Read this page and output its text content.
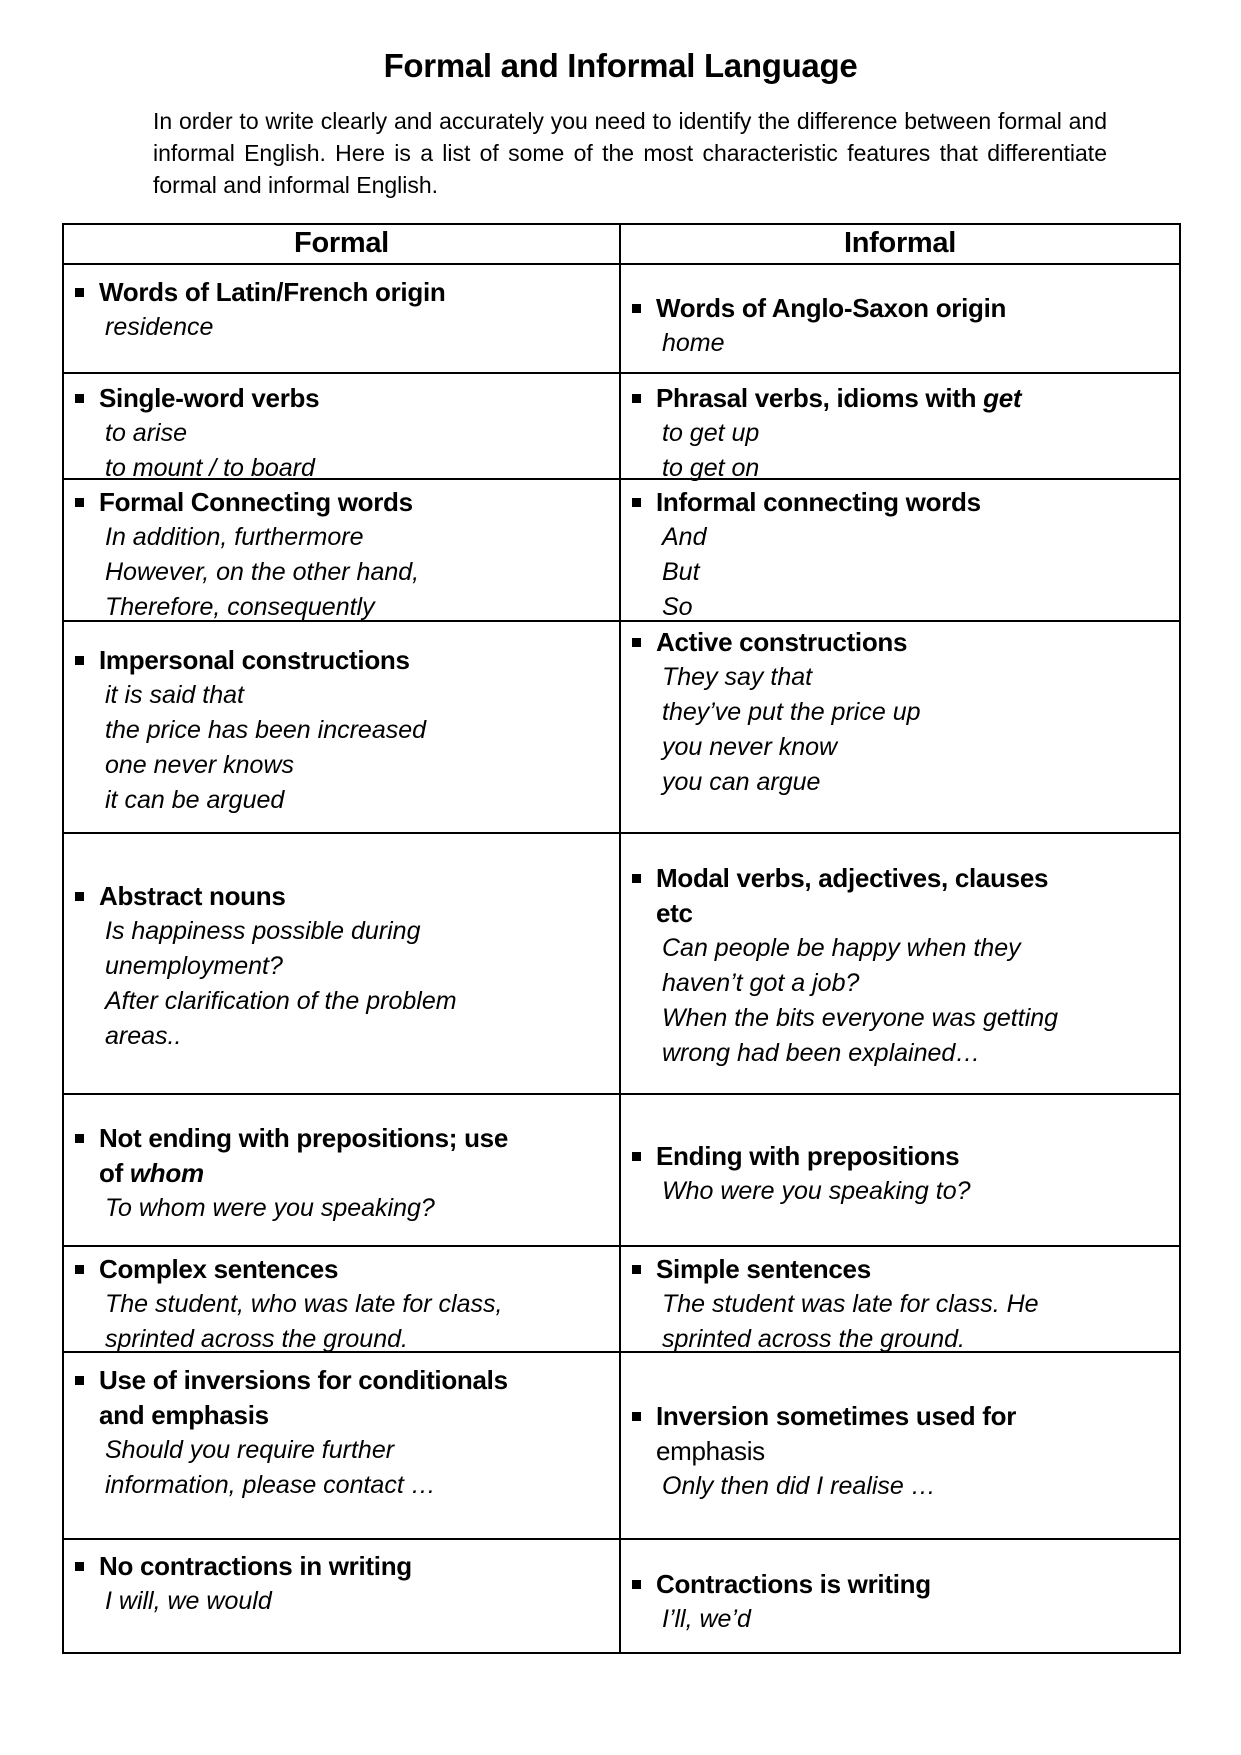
Formal and Informal Language

In order to write clearly and accurately you need to identify the difference between formal and informal English. Here is a list of some of the most characteristic features that differentiate formal and informal English.

Formal	Informal
Words of Latin/French origin
residence
Words of Anglo-Saxon origin
home
Single-word verbs
to arise
to mount / to board
Phrasal verbs, idioms with get
to get up
to get on
Formal Connecting words
In addition, furthermore
However, on the other hand,
Therefore, consequently
Informal connecting words
And
But
So
Impersonal constructions
it is said that
the price has been increased
one never knows
it can be argued
Active constructions
They say that
they’ve put the price up
you never know
you can argue
Abstract nouns
Is happiness possible during
unemployment?
After clarification of the problem
areas..
Modal verbs, adjectives, clauses
etc
Can people be happy when they
haven’t got a job?
When the bits everyone was getting
wrong had been explained…
Not ending with prepositions; use
of whom
To whom were you speaking?
Ending with prepositions
Who were you speaking to?
Complex sentences
The student, who was late for class,
sprinted across the ground.
Simple sentences
The student was late for class. He
sprinted across the ground.
Use of inversions for conditionals
and emphasis
Should you require further
information, please contact …
Inversion sometimes used for
emphasis
Only then did I realise …
No contractions in writing
I will, we would
Contractions is writing
I’ll, we’d
